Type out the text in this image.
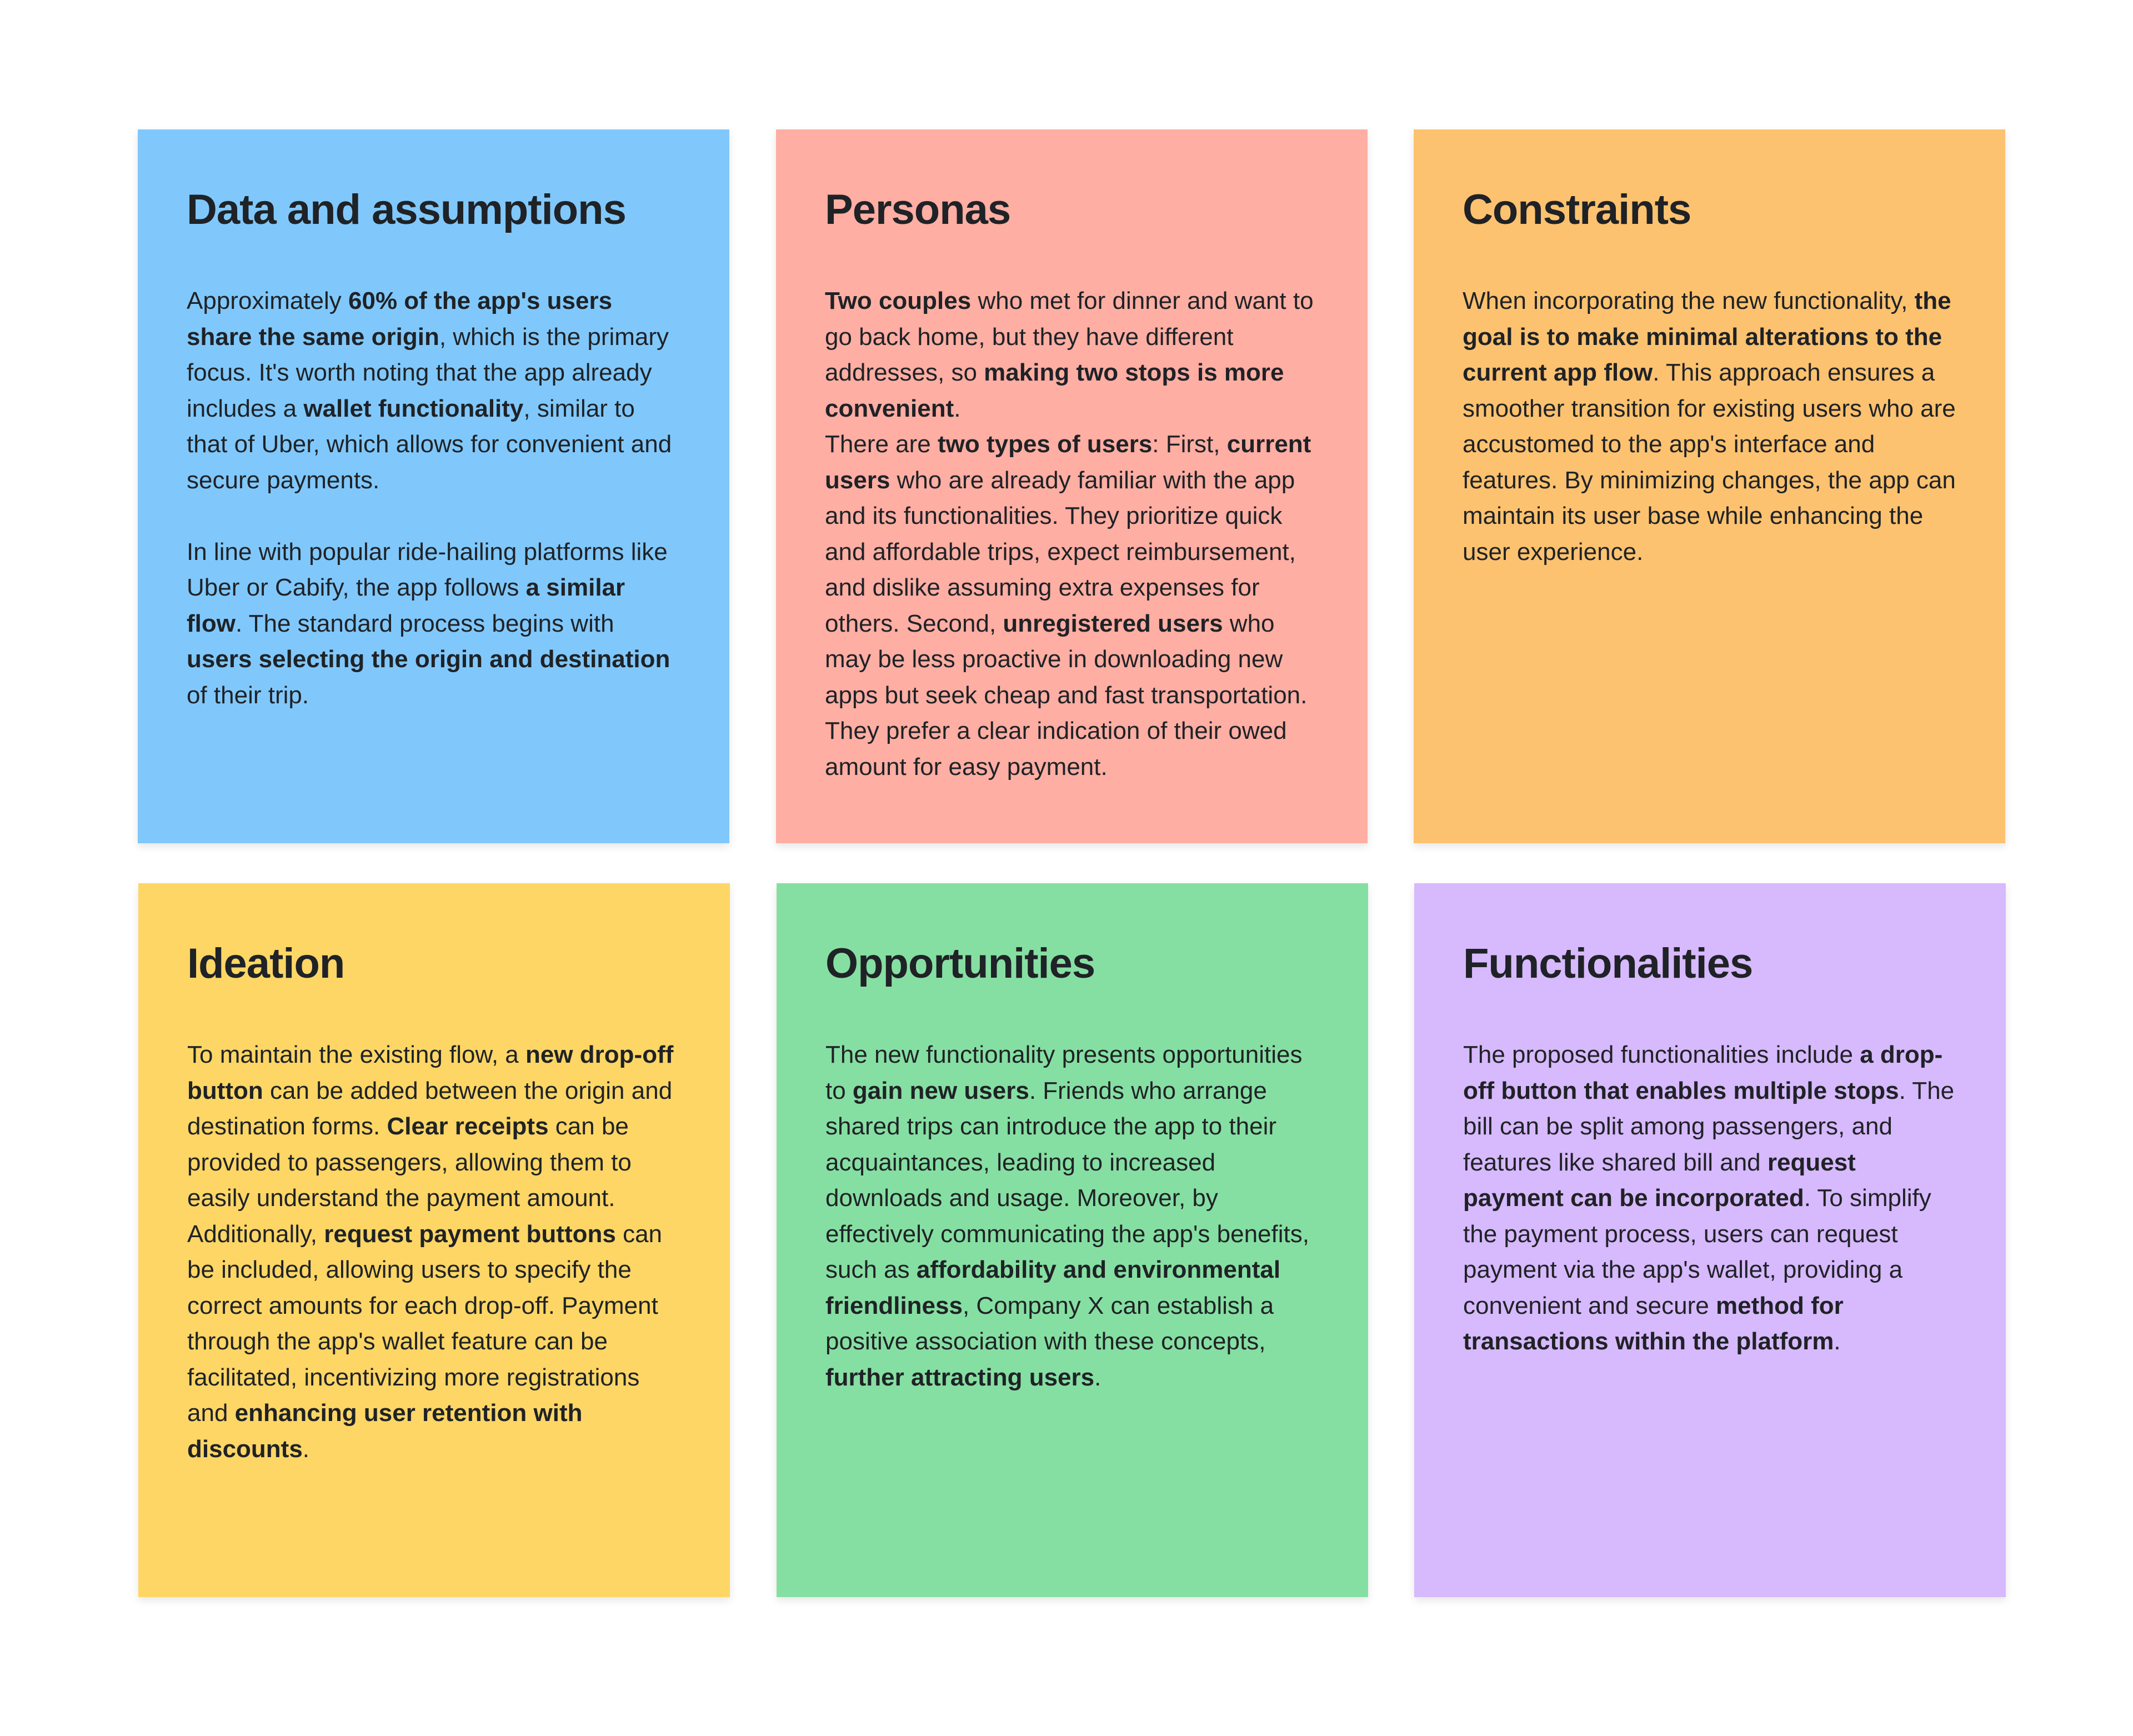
Data and assumptions

Approximately 60% of the app's users share the same origin, which is the primary focus. It's worth noting that the app already includes a wallet functionality, similar to that of Uber, which allows for convenient and secure payments.

In line with popular ride-hailing platforms like Uber or Cabify, the app follows a similar flow. The standard process begins with users selecting the origin and destination of their trip.

Personas

Two couples who met for dinner and want to go back home, but they have different addresses, so making two stops is more convenient.

There are two types of users: First, current users who are already familiar with the app and its functionalities. They prioritize quick and affordable trips, expect reimbursement, and dislike assuming extra expenses for others. Second, unregistered users who may be less proactive in downloading new apps but seek cheap and fast transportation. They prefer a clear indication of their owed amount for easy payment.

Constraints

When incorporating the new functionality, the goal is to make minimal alterations to the current app flow. This approach ensures a smoother transition for existing users who are accustomed to the app's interface and features. By minimizing changes, the app can maintain its user base while enhancing the user experience.

Ideation

To maintain the existing flow, a new drop-off button can be added between the origin and destination forms. Clear receipts can be provided to passengers, allowing them to easily understand the payment amount. Additionally, request payment buttons can be included, allowing users to specify the correct amounts for each drop-off. Payment through the app's wallet feature can be facilitated, incentivizing more registrations and enhancing user retention with discounts.

Opportunities

The new functionality presents opportunities to gain new users. Friends who arrange shared trips can introduce the app to their acquaintances, leading to increased downloads and usage. Moreover, by effectively communicating the app's benefits, such as affordability and environmental friendliness, Company X can establish a positive association with these concepts, further attracting users.

Functionalities

The proposed functionalities include a drop-off button that enables multiple stops. The bill can be split among passengers, and features like shared bill and request payment can be incorporated. To simplify the payment process, users can request payment via the app's wallet, providing a convenient and secure method for transactions within the platform.
